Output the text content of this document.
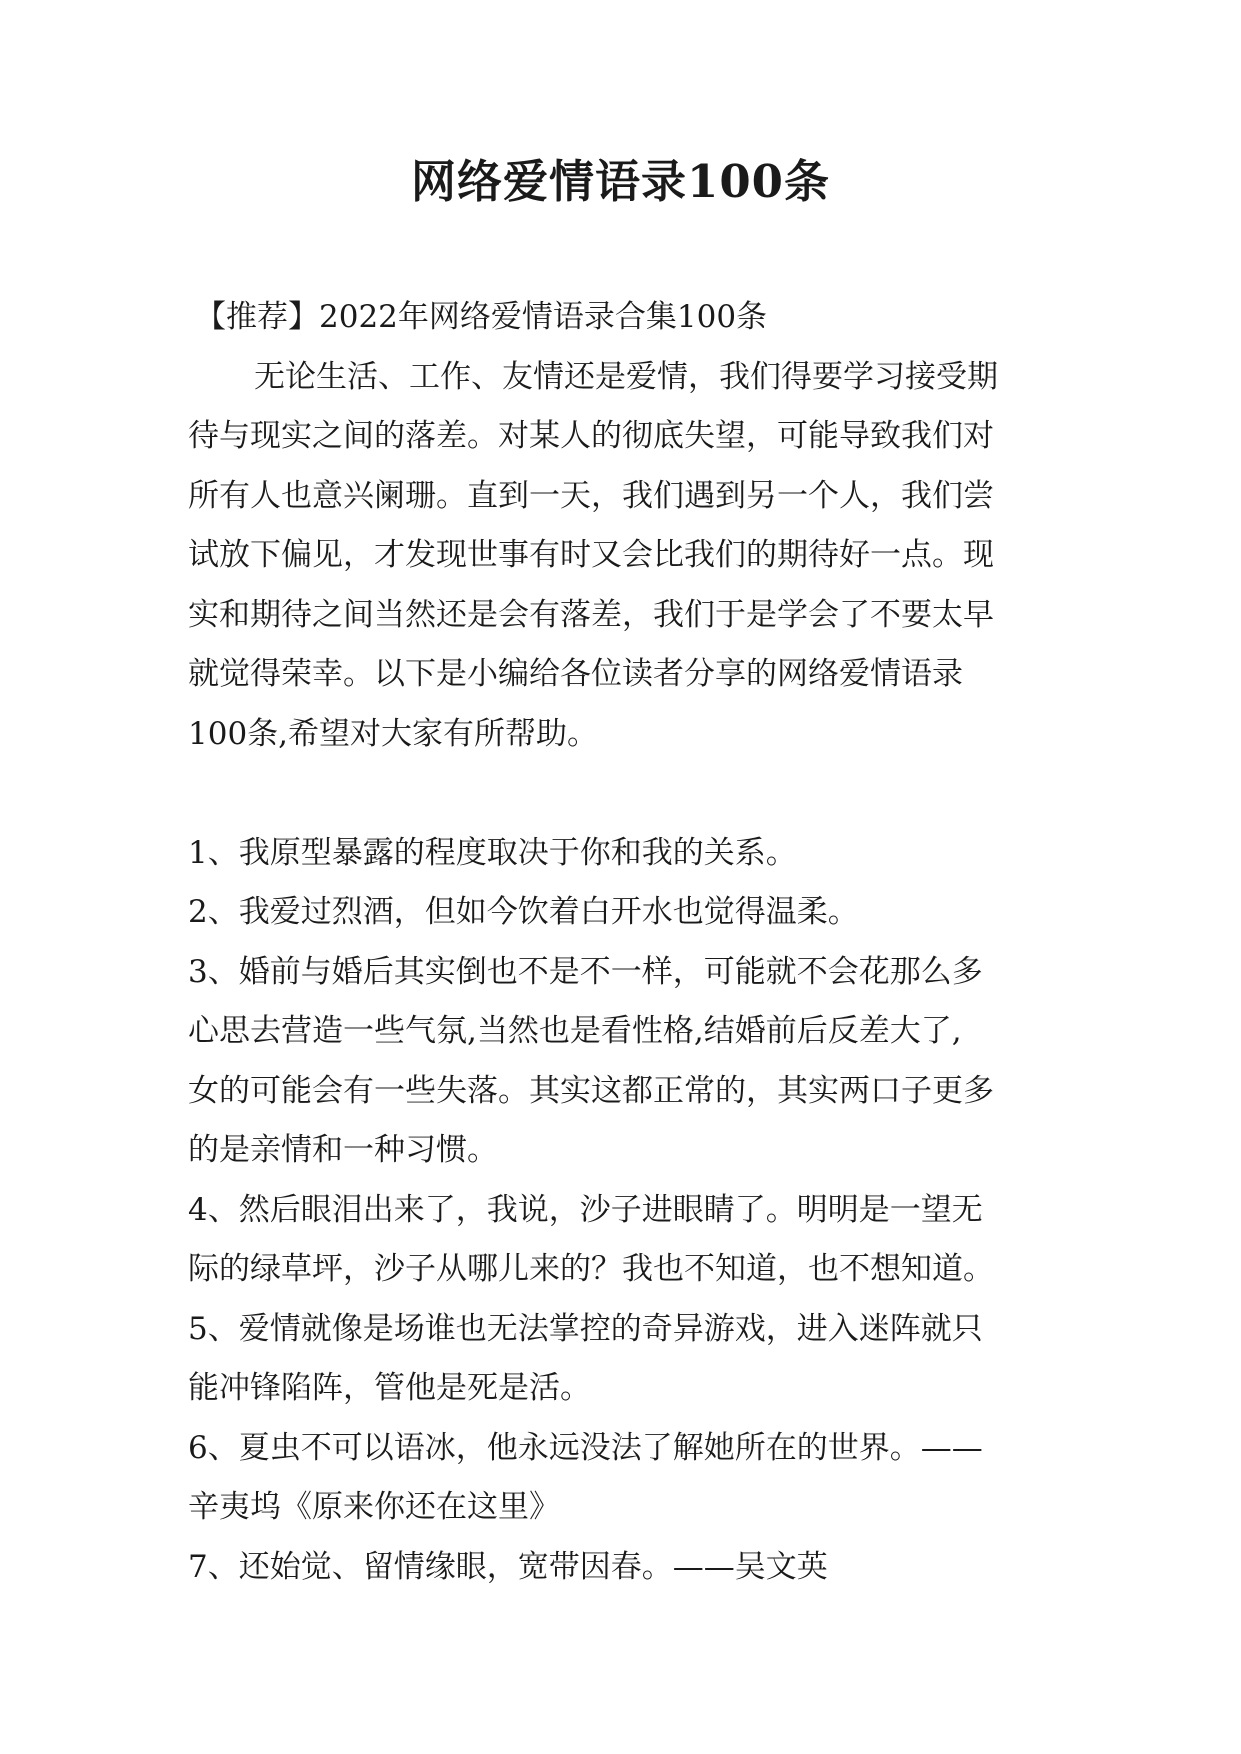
网络爱情语录100条
【推荐】2022年网络爱情语录合集100条
无论生活、工作、友情还是爱情，我们得要学习接受期
待与现实之间的落差。对某人的彻底失望，可能导致我们对
所有人也意兴阑珊。直到一天，我们遇到另一个人，我们尝
试放下偏见，才发现世事有时又会比我们的期待好一点。现
实和期待之间当然还是会有落差，我们于是学会了不要太早
就觉得荣幸。以下是小编给各位读者分享的网络爱情语录
100条,希望对大家有所帮助。
1、我原型暴露的程度取决于你和我的关系。
2、我爱过烈酒，但如今饮着白开水也觉得温柔。
3、婚前与婚后其实倒也不是不一样，可能就不会花那么多
心思去营造一些气氛,当然也是看性格,结婚前后反差大了,
女的可能会有一些失落。其实这都正常的，其实两口子更多
的是亲情和一种习惯。
4、然后眼泪出来了，我说，沙子进眼睛了。明明是一望无
际的绿草坪，沙子从哪儿来的？我也不知道，也不想知道。
5、爱情就像是场谁也无法掌控的奇异游戏，进入迷阵就只
能冲锋陷阵，管他是死是活。
6、夏虫不可以语冰，他永远没法了解她所在的世界。——
辛夷坞《原来你还在这里》
7、还始觉、留情缘眼，宽带因春。——吴文英
